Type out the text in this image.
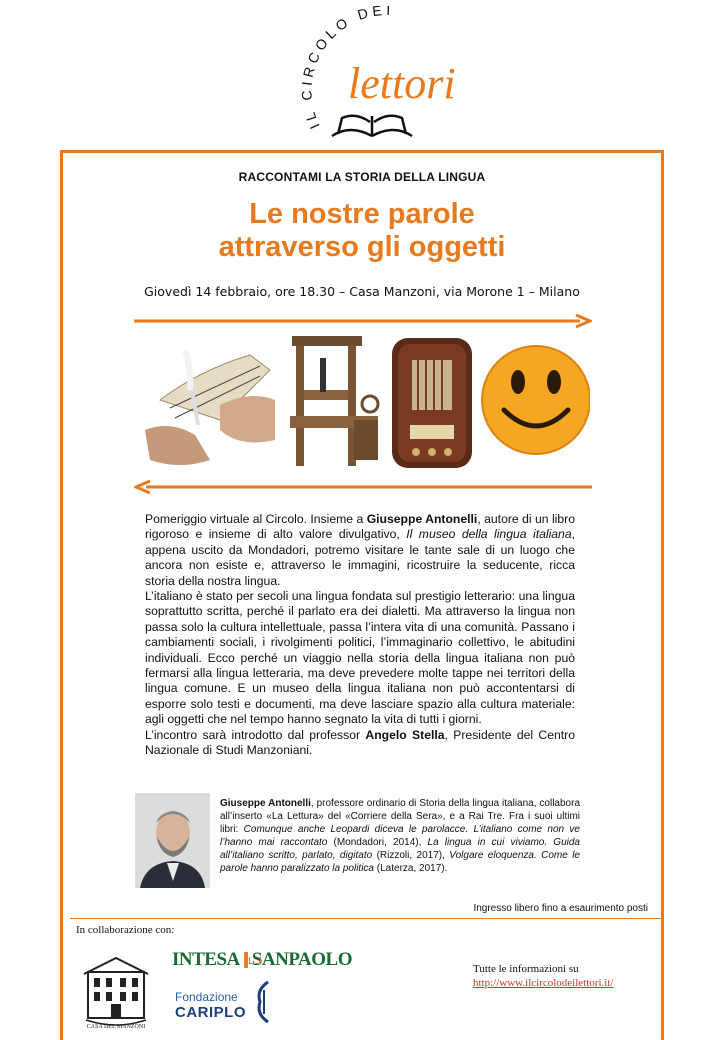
IL CIRCOLO DEI
lettori
RACCONTAMI LA STORIA DELLA LINGUA
Le nostre parole
attraverso gli oggetti
Giovedì 14 febbraio, ore 18.30 – Casa Manzoni, via Morone 1 – Milano

Pomeriggio virtuale al Circolo. Insieme a Giuseppe Antonelli, autore di un libro rigoroso e insieme di alto valore divulgativo, Il museo della lingua italiana, appena uscito da Mondadori, potremo visitare le tante sale di un luogo che ancora non esiste e, attraverso le immagini, ricostruire la seducente, ricca storia della nostra lingua.

L’italiano è stato per secoli una lingua fondata sul prestigio letterario: una lingua soprattutto scritta, perché il parlato era dei dialetti. Ma attraverso la lingua non passa solo la cultura intellettuale, passa l’intera vita di una comunità. Passano i cambiamenti sociali, i rivolgimenti politici, l’immaginario collettivo, le abitudini individuali. Ecco perché un viaggio nella storia della lingua italiana non può fermarsi alla lingua letteraria, ma deve prevedere molte tappe nei territori della lingua comune. E un museo della lingua italiana non può accontentarsi di esporre solo testi e documenti, ma deve lasciare spazio alla cultura materiale: agli oggetti che nel tempo hanno segnato la vita di tutti i giorni.

L’incontro sarà introdotto dal professor Angelo Stella, Presidente del Centro Nazionale di Studi Manzoniani.

Giuseppe Antonelli, professore ordinario di Storia della lingua italiana, collabora all’inserto «La Lettura» del «Corriere della Sera», e a Rai Tre. Fra i suoi ultimi libri: Comunque anche Leopardi diceva le parolacce. L’italiano come non ve l’hanno mai raccontato (Mondadori, 2014), La lingua in cui viviamo. Guida all’italiano scritto, parlato, digitato (Rizzoli, 2017), Volgare eloquenza. Come le parole hanno paralizzato la politica (Laterza, 2017).
Ingresso libero fino a esaurimento posti
In collaborazione con:
CASA DEL MANZONI
INTESA SANPAOLO
Fondazione
CARIPLO
Tutte le informazioni su
http://www.ilcircolodeilettori.it/
